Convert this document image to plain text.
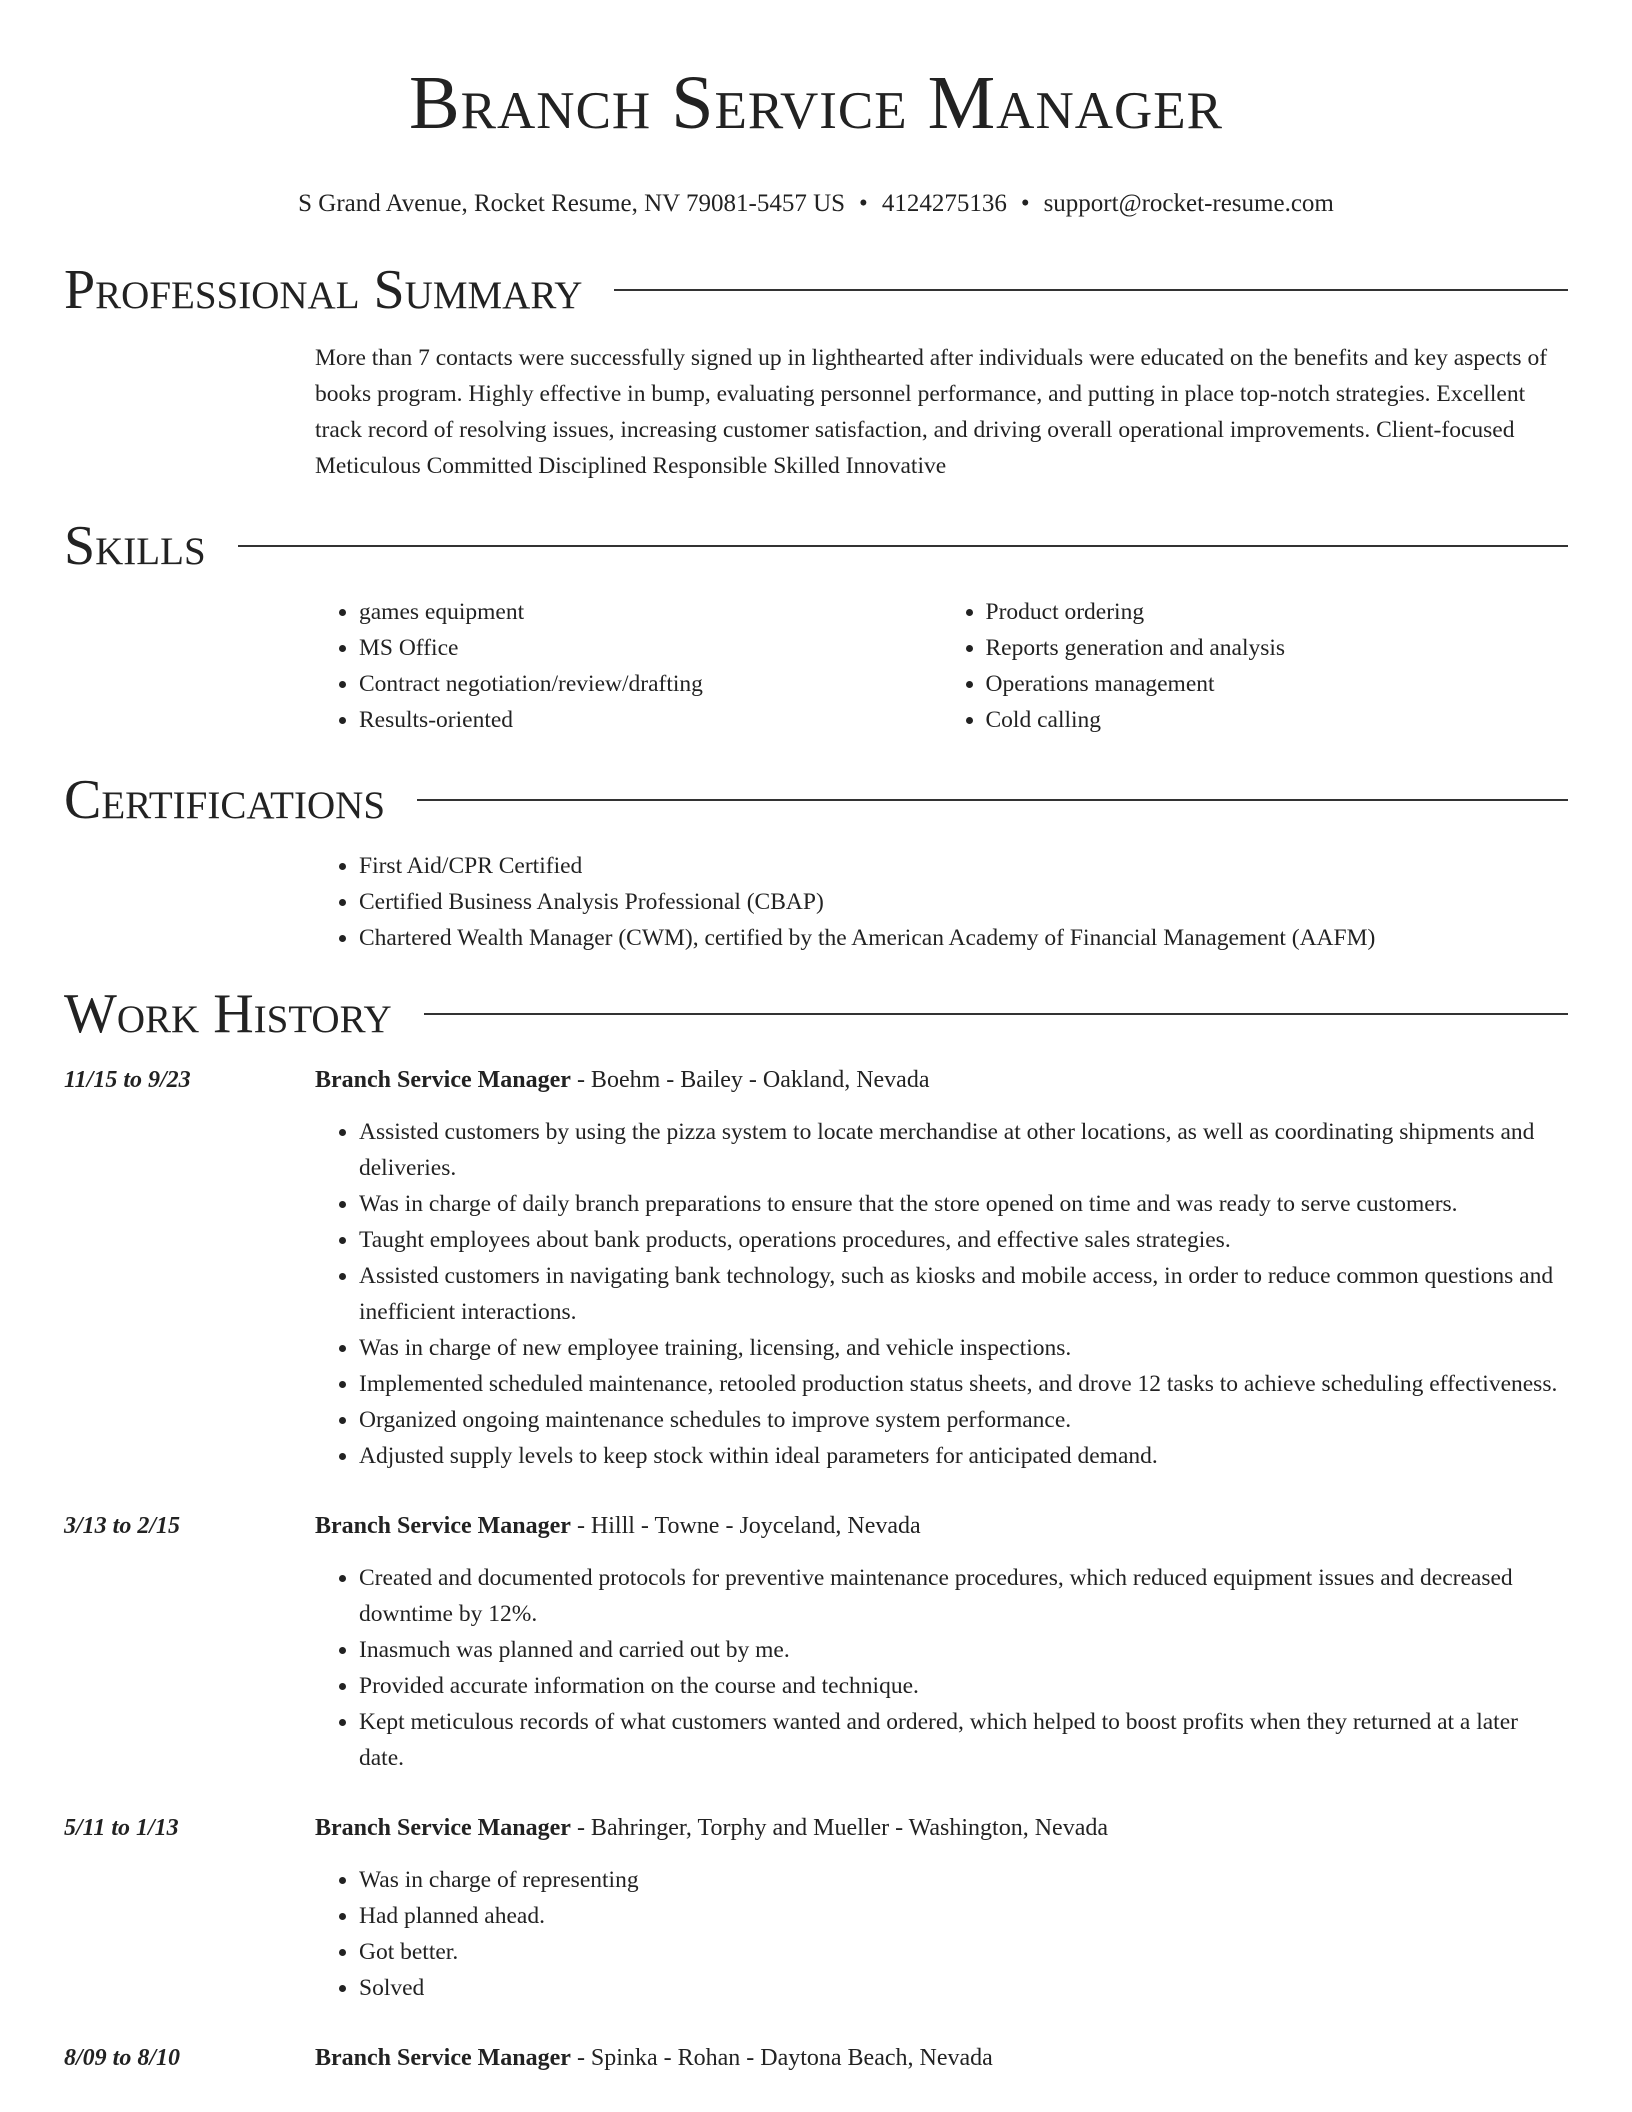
Branch Service Manager
S Grand Avenue, Rocket Resume, NV 79081-5457 US • 4124275136 • support@rocket-resume.com
Professional Summary

More than 7 contacts were successfully signed up in lighthearted after individuals were educated on the benefits and key aspects of books program. Highly effective in bump, evaluating personnel performance, and putting in place top-notch strategies. Excellent track record of resolving issues, increasing customer satisfaction, and driving overall operational improvements. Client-focused Meticulous Committed Disciplined Responsible Skilled Innovative

Skills
• games equipment
• MS Office
• Contract negotiation/review/drafting
• Results-oriented
• Product ordering
• Reports generation and analysis
• Operations management
• Cold calling
Certifications
• First Aid/CPR Certified
• Certified Business Analysis Professional (CBAP)
• Chartered Wealth Manager (CWM), certified by the American Academy of Financial Management (AAFM)
Work History
11/15 to 9/23	Branch Service Manager - Boehm - Bailey - Oakland, Nevada
• Assisted customers by using the pizza system to locate merchandise at other locations, as well as coordinating shipments and deliveries.
• Was in charge of daily branch preparations to ensure that the store opened on time and was ready to serve customers.
• Taught employees about bank products, operations procedures, and effective sales strategies.
• Assisted customers in navigating bank technology, such as kiosks and mobile access, in order to reduce common questions and inefficient interactions.
• Was in charge of new employee training, licensing, and vehicle inspections.
• Implemented scheduled maintenance, retooled production status sheets, and drove 12 tasks to achieve scheduling effectiveness.
• Organized ongoing maintenance schedules to improve system performance.
• Adjusted supply levels to keep stock within ideal parameters for anticipated demand.
3/13 to 2/15	Branch Service Manager - Hilll - Towne - Joyceland, Nevada
• Created and documented protocols for preventive maintenance procedures, which reduced equipment issues and decreased downtime by 12%.
• Inasmuch was planned and carried out by me.
• Provided accurate information on the course and technique.
• Kept meticulous records of what customers wanted and ordered, which helped to boost profits when they returned at a later date.
5/11 to 1/13	Branch Service Manager - Bahringer, Torphy and Mueller - Washington, Nevada
• Was in charge of representing
• Had planned ahead.
• Got better.
• Solved
8/09 to 8/10	Branch Service Manager - Spinka - Rohan - Daytona Beach, Nevada
